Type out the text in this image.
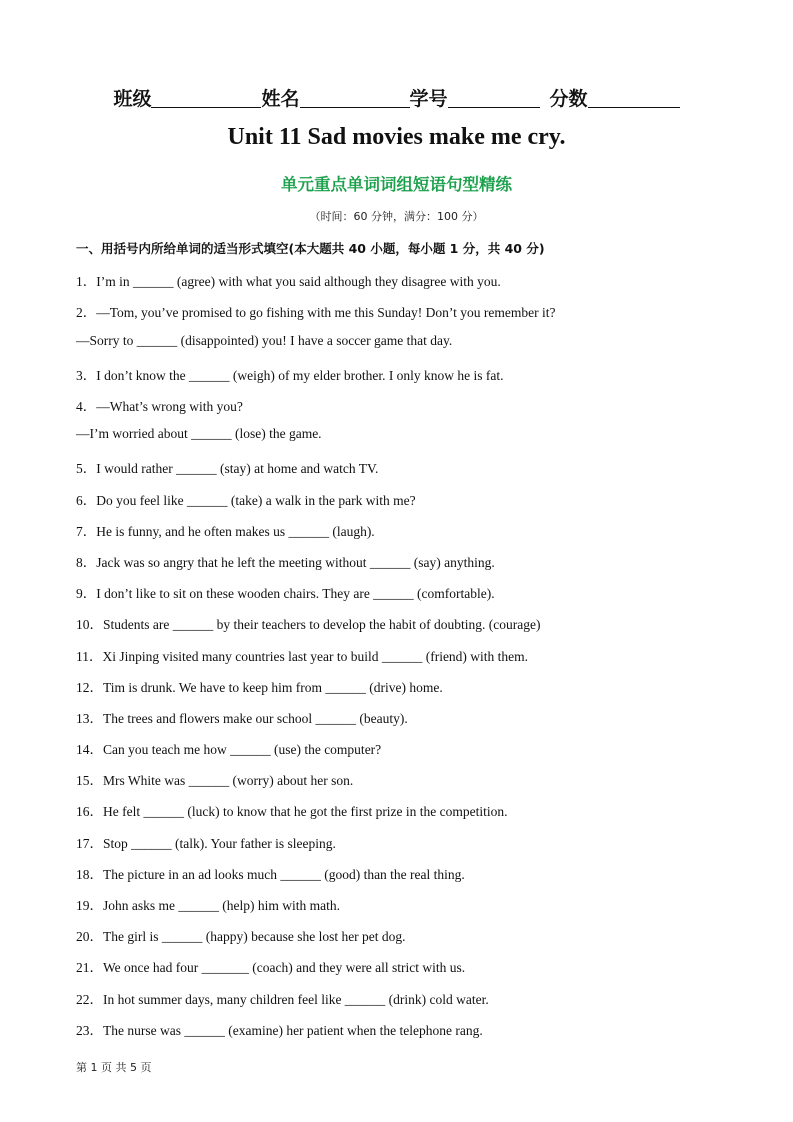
班级	姓名	学号	分数
Unit 11 Sad movies make me cry.
单元重点单词词组短语句型精练
（时间：60 分钟，满分：100 分）
一、用括号内所给单词的适当形式填空(本大题共 40 小题，每小题 1 分，共 40 分)
1．I’m in ______ (agree) with what you said although they disagree with you.
2．—Tom, you’ve promised to go fishing with me this Sunday! Don’t you remember it?
—Sorry to ______ (disappointed) you! I have a soccer game that day.
3．I don’t know the ______ (weigh) of my elder brother. I only know he is fat.
4．—What’s wrong with you?
—I’m worried about ______ (lose) the game.
5．I would rather ______ (stay) at home and watch TV.
6．Do you feel like ______ (take) a walk in the park with me?
7．He is funny, and he often makes us ______ (laugh).
8．Jack was so angry that he left the meeting without ______ (say) anything.
9．I don’t like to sit on these wooden chairs. They are ______ (comfortable).
10．Students are ______ by their teachers to develop the habit of doubting. (courage)
11．Xi Jinping visited many countries last year to build ______ (friend) with them.
12．Tim is drunk. We have to keep him from ______ (drive) home.
13．The trees and flowers make our school ______ (beauty).
14．Can you teach me how ______ (use) the computer?
15．Mrs White was ______ (worry) about her son.
16．He felt ______ (luck) to know that he got the first prize in the competition.
17．Stop ______ (talk). Your father is sleeping.
18．The picture in an ad looks much ______ (good) than the real thing.
19．John asks me ______ (help) him with math.
20．The girl is ______ (happy) because she lost her pet dog.
21．We once had four _______ (coach) and they were all strict with us.
22．In hot summer days, many children feel like ______ (drink) cold water.
23．The nurse was ______ (examine) her patient when the telephone rang.
第 1 页 共 5 页
